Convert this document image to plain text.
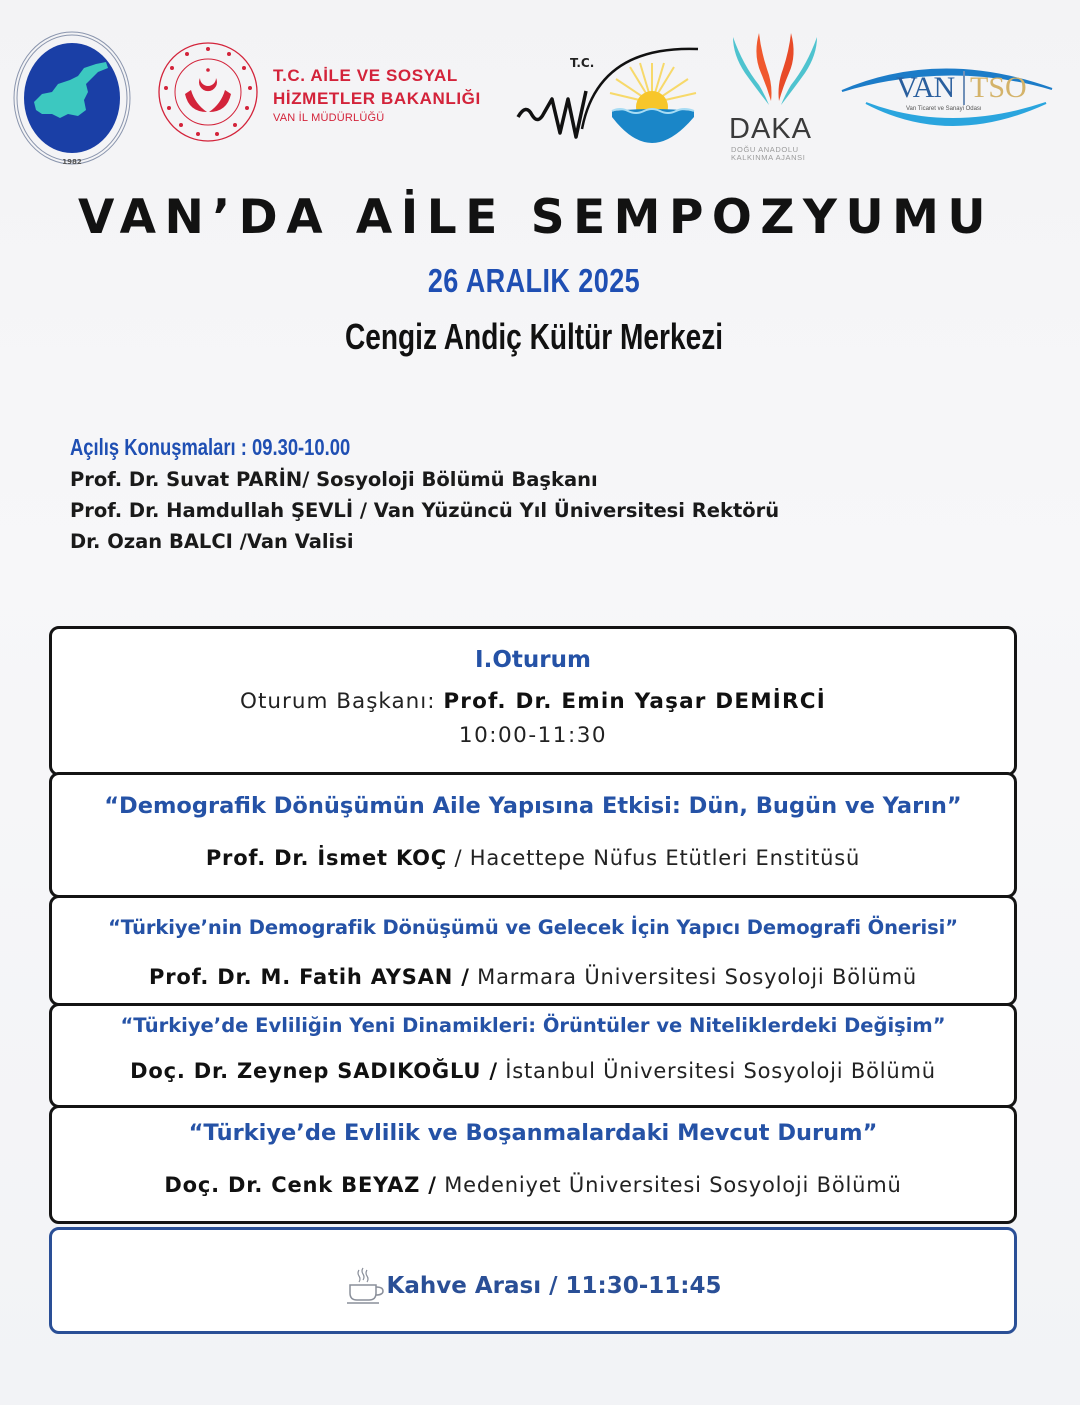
1982
T.C. AİLE VE SOSYAL
HİZMETLER BAKANLIĞI
VAN İL MÜDÜRLÜĞÜ
T.C.
DAKA
DOĞU ANADOLU
KALKINMA AJANSI
VAN TSO
Van Ticaret ve Sanayi Odası
VAN’DA AİLE SEMPOZYUMU
26 ARALIK 2025
Cengiz Andiç Kültür Merkezi
Açılış Konuşmaları : 09.30-10.00
Prof. Dr. Suvat PARİN/ Sosyoloji Bölümü Başkanı
Prof. Dr. Hamdullah ŞEVLİ / Van Yüzüncü Yıl Üniversitesi Rektörü
Dr. Ozan BALCI /Van Valisi
I.Oturum
Oturum Başkanı: Prof. Dr. Emin Yaşar DEMİRCİ
10:00-11:30
“Demografik Dönüşümün Aile Yapısına Etkisi: Dün, Bugün ve Yarın”
Prof. Dr. İsmet KOÇ / Hacettepe Nüfus Etütleri Enstitüsü
“Türkiye’nin Demografik Dönüşümü ve Gelecek İçin Yapıcı Demografi Önerisi”
Prof. Dr. M. Fatih AYSAN / Marmara Üniversitesi Sosyoloji Bölümü
“Türkiye’de Evliliğin Yeni Dinamikleri: Örüntüler ve Niteliklerdeki Değişim”
Doç. Dr. Zeynep SADIKOĞLU / İstanbul Üniversitesi Sosyoloji Bölümü
“Türkiye’de Evlilik ve Boşanmalardaki Mevcut Durum”
Doç. Dr. Cenk BEYAZ / Medeniyet Üniversitesi Sosyoloji Bölümü
Kahve Arası / 11:30-11:45
